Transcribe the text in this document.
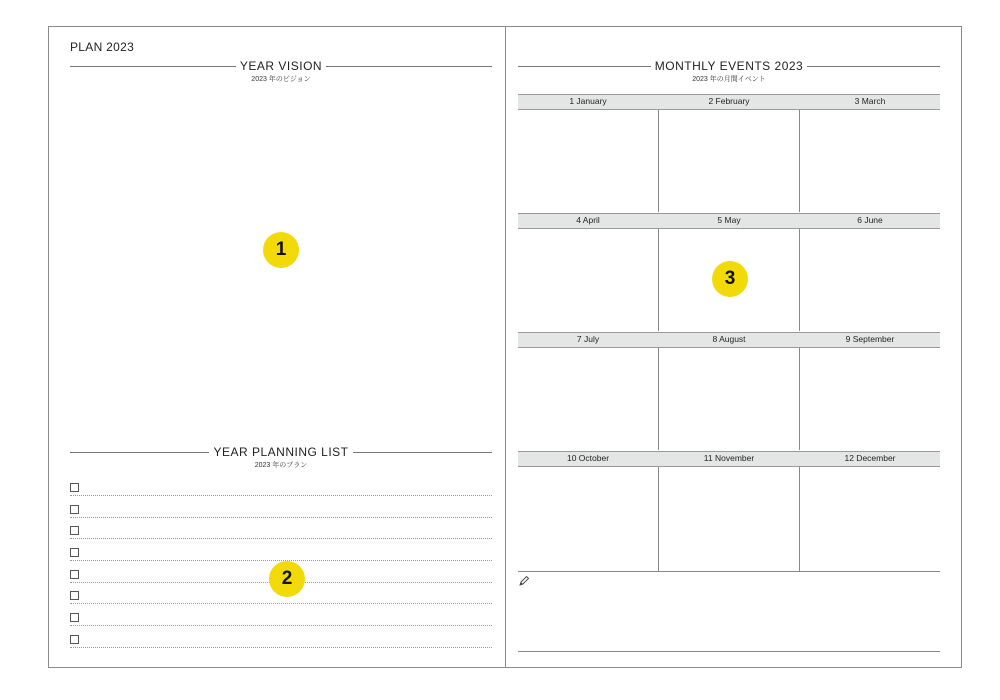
PLAN 2023
YEAR VISION
2023 年のビジョン
1
YEAR PLANNING LIST
2023 年のプラン
2
MONTHLY EVENTS 2023
2023 年の月間イベント
1 January	2 February	3 March
4 April	5 May	6 June
7 July	8 August	9 September
10 October	11 November	12 December
3
